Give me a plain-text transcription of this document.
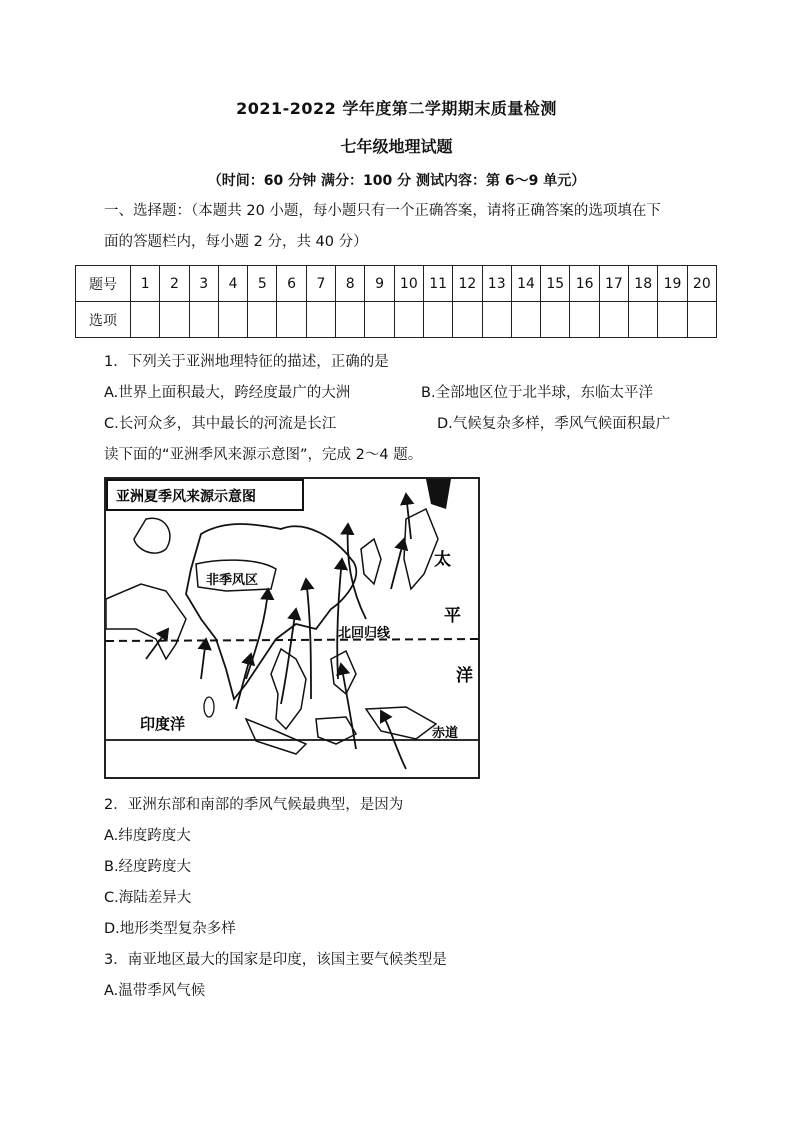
2021-2022 学年度第二学期期末质量检测
七年级地理试题
（时间：60 分钟 满分：100 分 测试内容：第 6～9 单元）
一、选择题：（本题共 20 小题，每小题只有一个正确答案，请将正确答案的选项填在下
面的答题栏内，每小题 2 分，共 40 分）
题号	1	2	3	4	5	6	7	8	9	10	11	12	13	14	15	16	17	18	19	20
选项																				
1．下列关于亚洲地理特征的描述，正确的是
A.世界上面积最大，跨经度最广的大洲	B.全部地区位于北半球，东临太平洋
C.长河众多，其中最长的河流是长江	D.气候复杂多样，季风气候面积最广
读下面的“亚洲季风来源示意图”，完成 2～4 题。
亚洲夏季风来源示意图
非季风区
北回归线
赤道
印度洋
太
平
洋
2．亚洲东部和南部的季风气候最典型，是因为
A.纬度跨度大
B.经度跨度大
C.海陆差异大
D.地形类型复杂多样
3．南亚地区最大的国家是印度，该国主要气候类型是
A.温带季风气候
